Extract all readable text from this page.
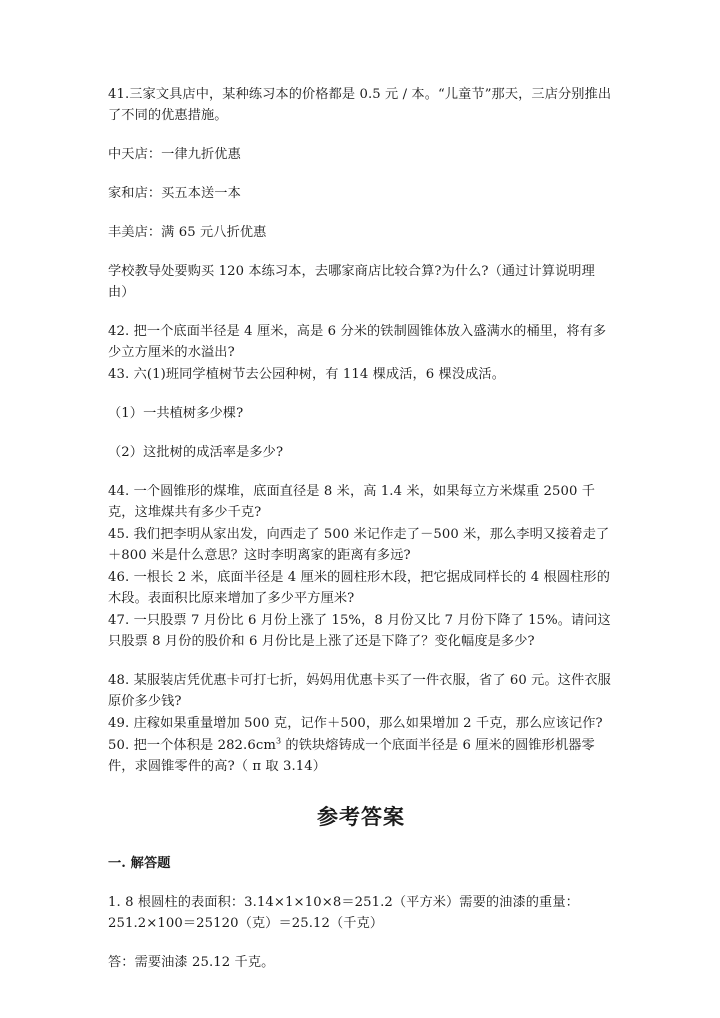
41.三家文具店中，某种练习本的价格都是 0.5 元 / 本。“儿童节”那天，三店分别推出了不同的优惠措施。

中天店：一律九折优惠

家和店：买五本送一本

丰美店：满 65 元八折优惠

学校教导处要购买 120 本练习本，去哪家商店比较合算?为什么?（通过计算说明理由）

42. 把一个底面半径是 4 厘米，高是 6 分米的铁制圆锥体放入盛满水的桶里，将有多少立方厘米的水溢出?

43. 六(1)班同学植树节去公园种树，有 114 棵成活，6 棵没成活。

（1）一共植树多少棵?

（2）这批树的成活率是多少?

44. 一个圆锥形的煤堆，底面直径是 8 米，高 1.4 米，如果每立方米煤重 2500 千克，这堆煤共有多少千克?

45. 我们把李明从家出发，向西走了 500 米记作走了－500 米，那么李明又接着走了＋800 米是什么意思？这时李明离家的距离有多远?

46. 一根长 2 米，底面半径是 4 厘米的圆柱形木段，把它据成同样长的 4 根圆柱形的木段。表面积比原来增加了多少平方厘米?

47. 一只股票 7 月份比 6 月份上涨了 15%，8 月份又比 7 月份下降了 15%。请问这只股票 8 月份的股价和 6 月份比是上涨了还是下降了？变化幅度是多少?

48. 某服装店凭优惠卡可打七折，妈妈用优惠卡买了一件衣服，省了 60 元。这件衣服原价多少钱?

49. 庄稼如果重量增加 500 克，记作＋500，那么如果增加 2 千克，那么应该记作?

50. 把一个体积是 $282.6cm^3$ 的铁块熔铸成一个底面半径是 6 厘米的圆锥形机器零件，求圆锥零件的高?（ π 取 3.14）

参考答案

一. 解答题

1. 8 根圆柱的表面积：3.14×1×10×8＝251.2（平方米）需要的油漆的重量：251.2×100＝25120（克）＝25.12（千克）

答：需要油漆 25.12 千克。
